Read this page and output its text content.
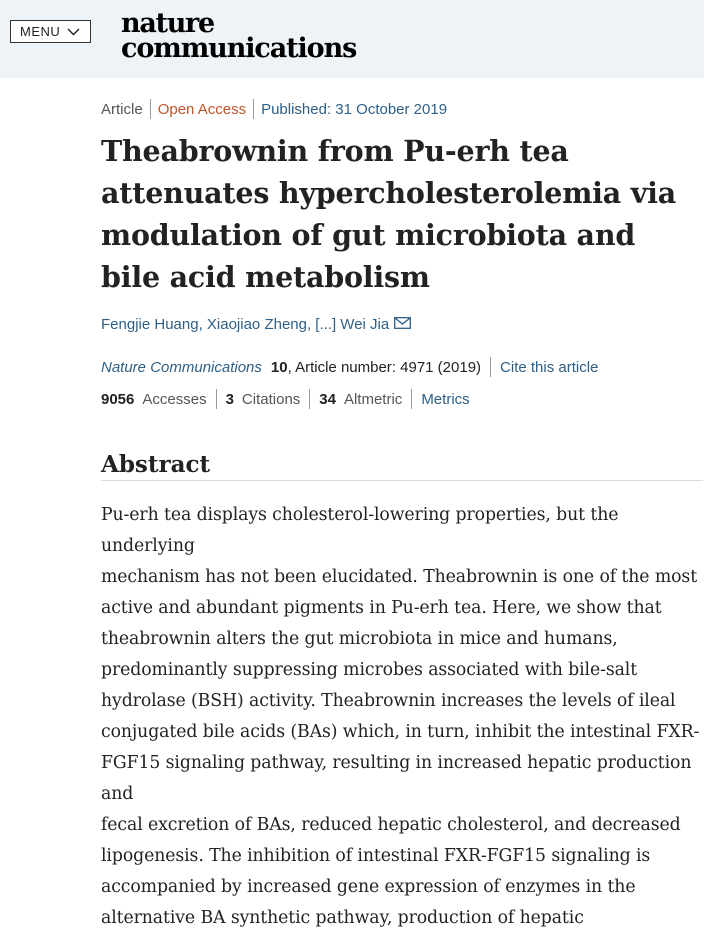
MENU nature
communications
Article Open Access Published: 31 October 2019
Theabrownin from Pu-erh tea attenuates hypercholesterolemia via modulation of gut microbiota and bile acid metabolism
Fengjie Huang, Xiaojiao Zheng, [...] Wei Jia
Nature Communications 10 , Article number: 4971 (2019) Cite this article
9056 Accesses 3 Citations 34 Altmetric Metrics
Abstract
Pu-erh tea displays cholesterol-lowering properties, but the underlying
mechanism has not been elucidated. Theabrownin is one of the most
active and abundant pigments in Pu-erh tea. Here, we show that
theabrownin alters the gut microbiota in mice and humans,
predominantly suppressing microbes associated with bile-salt
hydrolase (BSH) activity. Theabrownin increases the levels of ileal
conjugated bile acids (BAs) which, in turn, inhibit the intestinal FXR-
FGF15 signaling pathway, resulting in increased hepatic production and
fecal excretion of BAs, reduced hepatic cholesterol, and decreased
lipogenesis. The inhibition of intestinal FXR-FGF15 signaling is
accompanied by increased gene expression of enzymes in the
alternative BA synthetic pathway, production of hepatic
